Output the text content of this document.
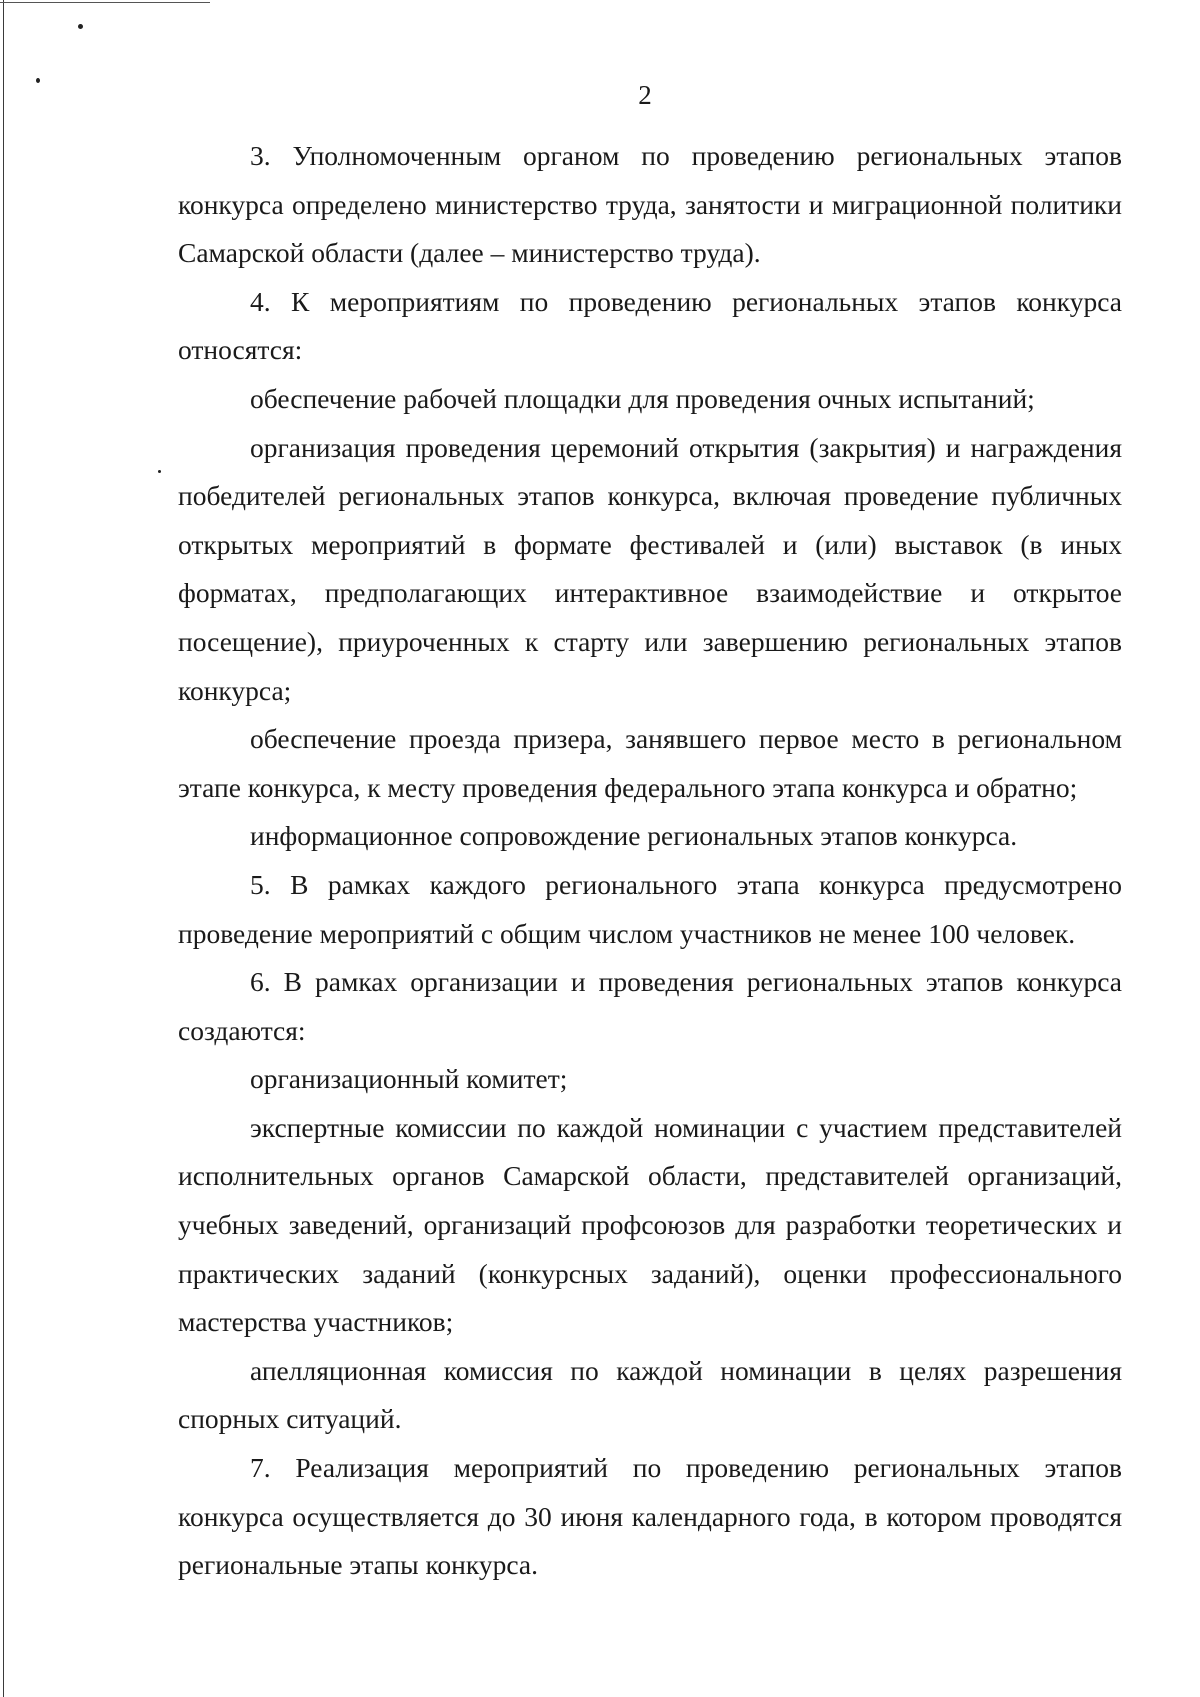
2

3. Уполномоченным органом по проведению региональных этапов конкурса определено министерство труда, занятости и миграционной политики Самарской области (далее – министерство труда).

4. К мероприятиям по проведению региональных этапов конкурса относятся:

обеспечение рабочей площадки для проведения очных испытаний;

организация проведения церемоний открытия (закрытия) и награждения победителей региональных этапов конкурса, включая проведение публичных открытых мероприятий в формате фестивалей и (или) выставок (в иных форматах, предполагающих интерактивное взаимодействие и открытое посещение), приуроченных к старту или завершению региональных этапов конкурса;

обеспечение проезда призера, занявшего первое место в региональном этапе конкурса, к месту проведения федерального этапа конкурса и обратно;

информационное сопровождение региональных этапов конкурса.

5. В рамках каждого регионального этапа конкурса предусмотрено проведение мероприятий с общим числом участников не менее 100 человек.

6. В рамках организации и проведения региональных этапов конкурса создаются:

организационный комитет;

экспертные комиссии по каждой номинации с участием представителей исполнительных органов Самарской области, представителей организаций, учебных заведений, организаций профсоюзов для разработки теоретических и практических заданий (конкурсных заданий), оценки профессионального мастерства участников;

апелляционная комиссия по каждой номинации в целях разрешения спорных ситуаций.

7. Реализация мероприятий по проведению региональных этапов конкурса осуществляется до 30 июня календарного года, в котором проводятся региональные этапы конкурса.
